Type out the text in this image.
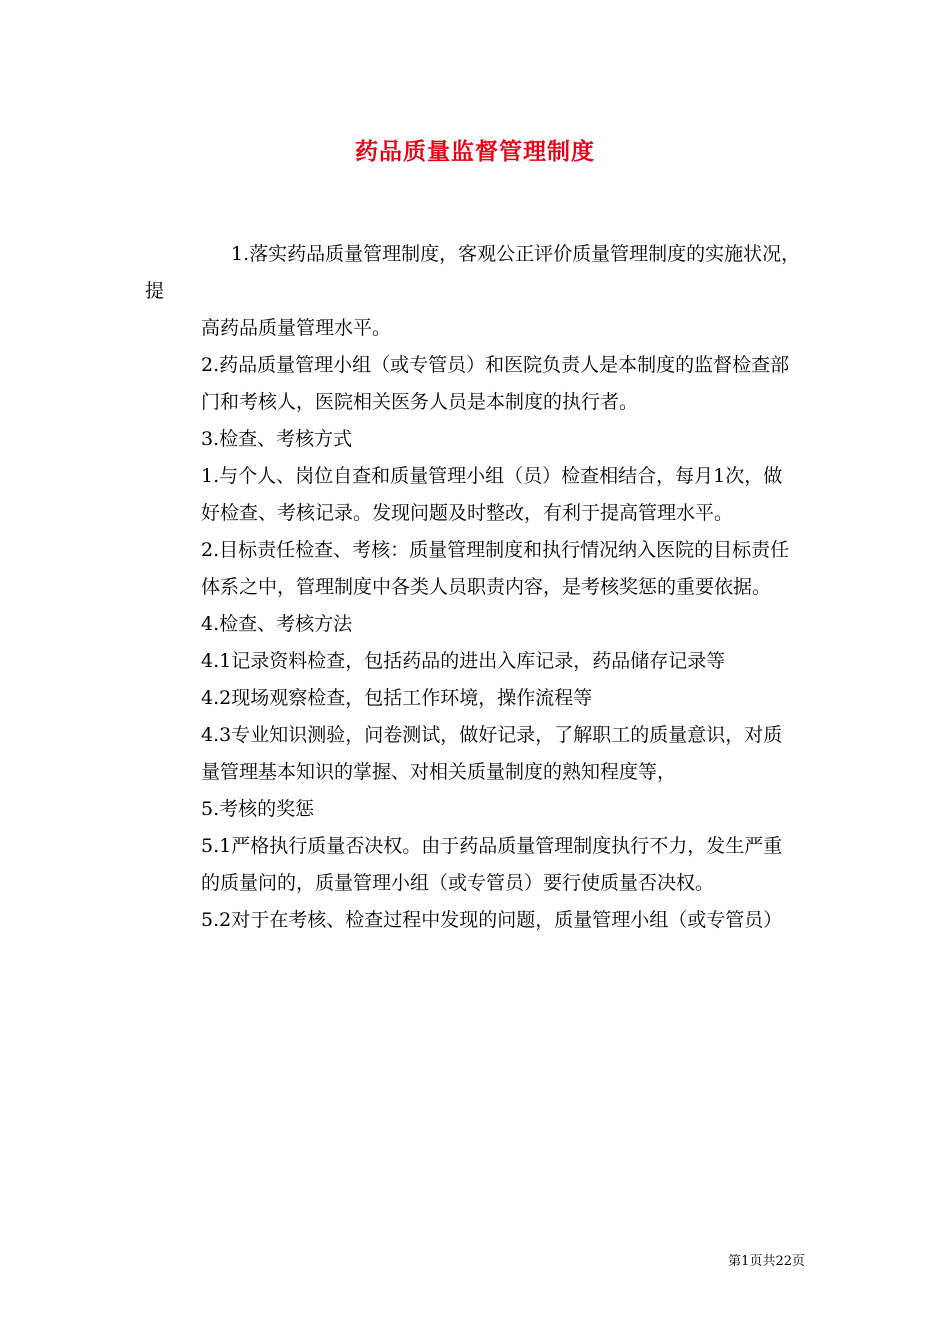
药品质量监督管理制度

1.落实药品质量管理制度，客观公正评价质量管理制度的实施状况，提

高药品质量管理水平。

2.药品质量管理小组（或专管员）和医院负责人是本制度的监督检查部

门和考核人，医院相关医务人员是本制度的执行者。

3.检查、考核方式

1.与个人、岗位自查和质量管理小组（员）检查相结合，每月1次，做

好检查、考核记录。发现问题及时整改，有利于提高管理水平。

2.目标责任检查、考核：质量管理制度和执行情况纳入医院的目标责任

体系之中，管理制度中各类人员职责内容，是考核奖惩的重要依据。

4.检查、考核方法

4.1记录资料检查，包括药品的进出入库记录，药品储存记录等

4.2现场观察检查，包括工作环境，操作流程等

4.3专业知识测验，问卷测试，做好记录，了解职工的质量意识，对质

量管理基本知识的掌握、对相关质量制度的熟知程度等，

5.考核的奖惩

5.1严格执行质量否决权。由于药品质量管理制度执行不力，发生严重

的质量问的，质量管理小组（或专管员）要行使质量否决权。

5.2对于在考核、检查过程中发现的问题，质量管理小组（或专管员）

第1页共22页
